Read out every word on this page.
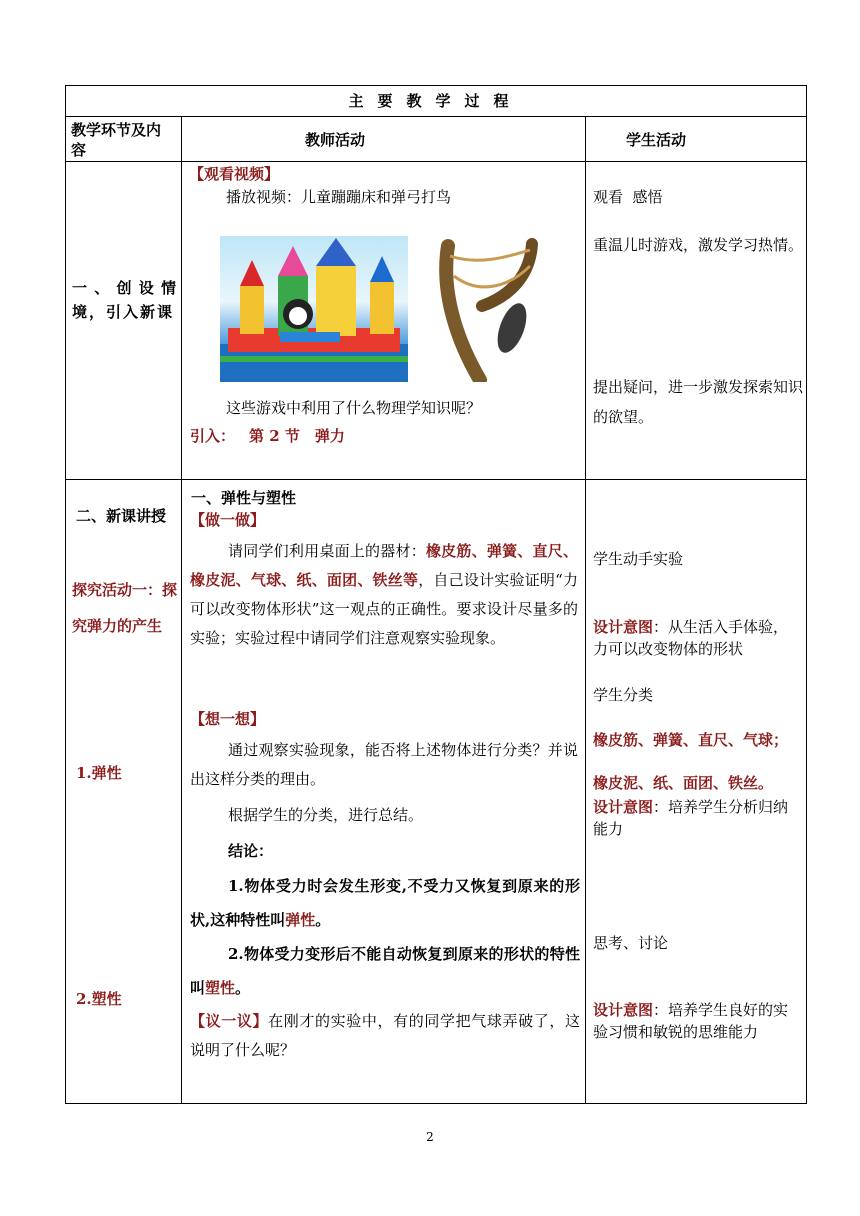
主要教学过程
教学环节及内容
教师活动	学生活动
一、创设情境，引入新课
【观看视频】
播放视频：儿童蹦蹦床和弹弓打鸟
这些游戏中利用了什么物理学知识呢？
引入： 第 2 节　弹力
观看  感悟
重温儿时游戏，激发学习热情。
提出疑问，进一步激发探索知识的欲望。
二、新课讲授
探究活动一：探究弹力的产生
1.弹性
2.塑性
一、弹性与塑性
【做一做】
请同学们利用桌面上的器材：橡皮筋、弹簧、直尺、橡皮泥、气球、纸、面团、铁丝等，自己设计实验证明“力可以改变物体形状”这一观点的正确性。要求设计尽量多的实验；实验过程中请同学们注意观察实验现象。
【想一想】
通过观察实验现象，能否将上述物体进行分类？并说出这样分类的理由。
根据学生的分类，进行总结。
结论：
1.物体受力时会发生形变,不受力又恢复到原来的形状,这种特性叫弹性。
2.物体受力变形后不能自动恢复到原来的形状的特性叫塑性。
【议一议】在刚才的实验中，有的同学把气球弄破了，这说明了什么呢？
学生动手实验
设计意图：从生活入手体验，力可以改变物体的形状
学生分类
橡皮筋、弹簧、直尺、气球；
橡皮泥、纸、面团、铁丝。
设计意图：培养学生分析归纳能力
思考、讨论
设计意图：培养学生良好的实验习惯和敏锐的思维能力
2
